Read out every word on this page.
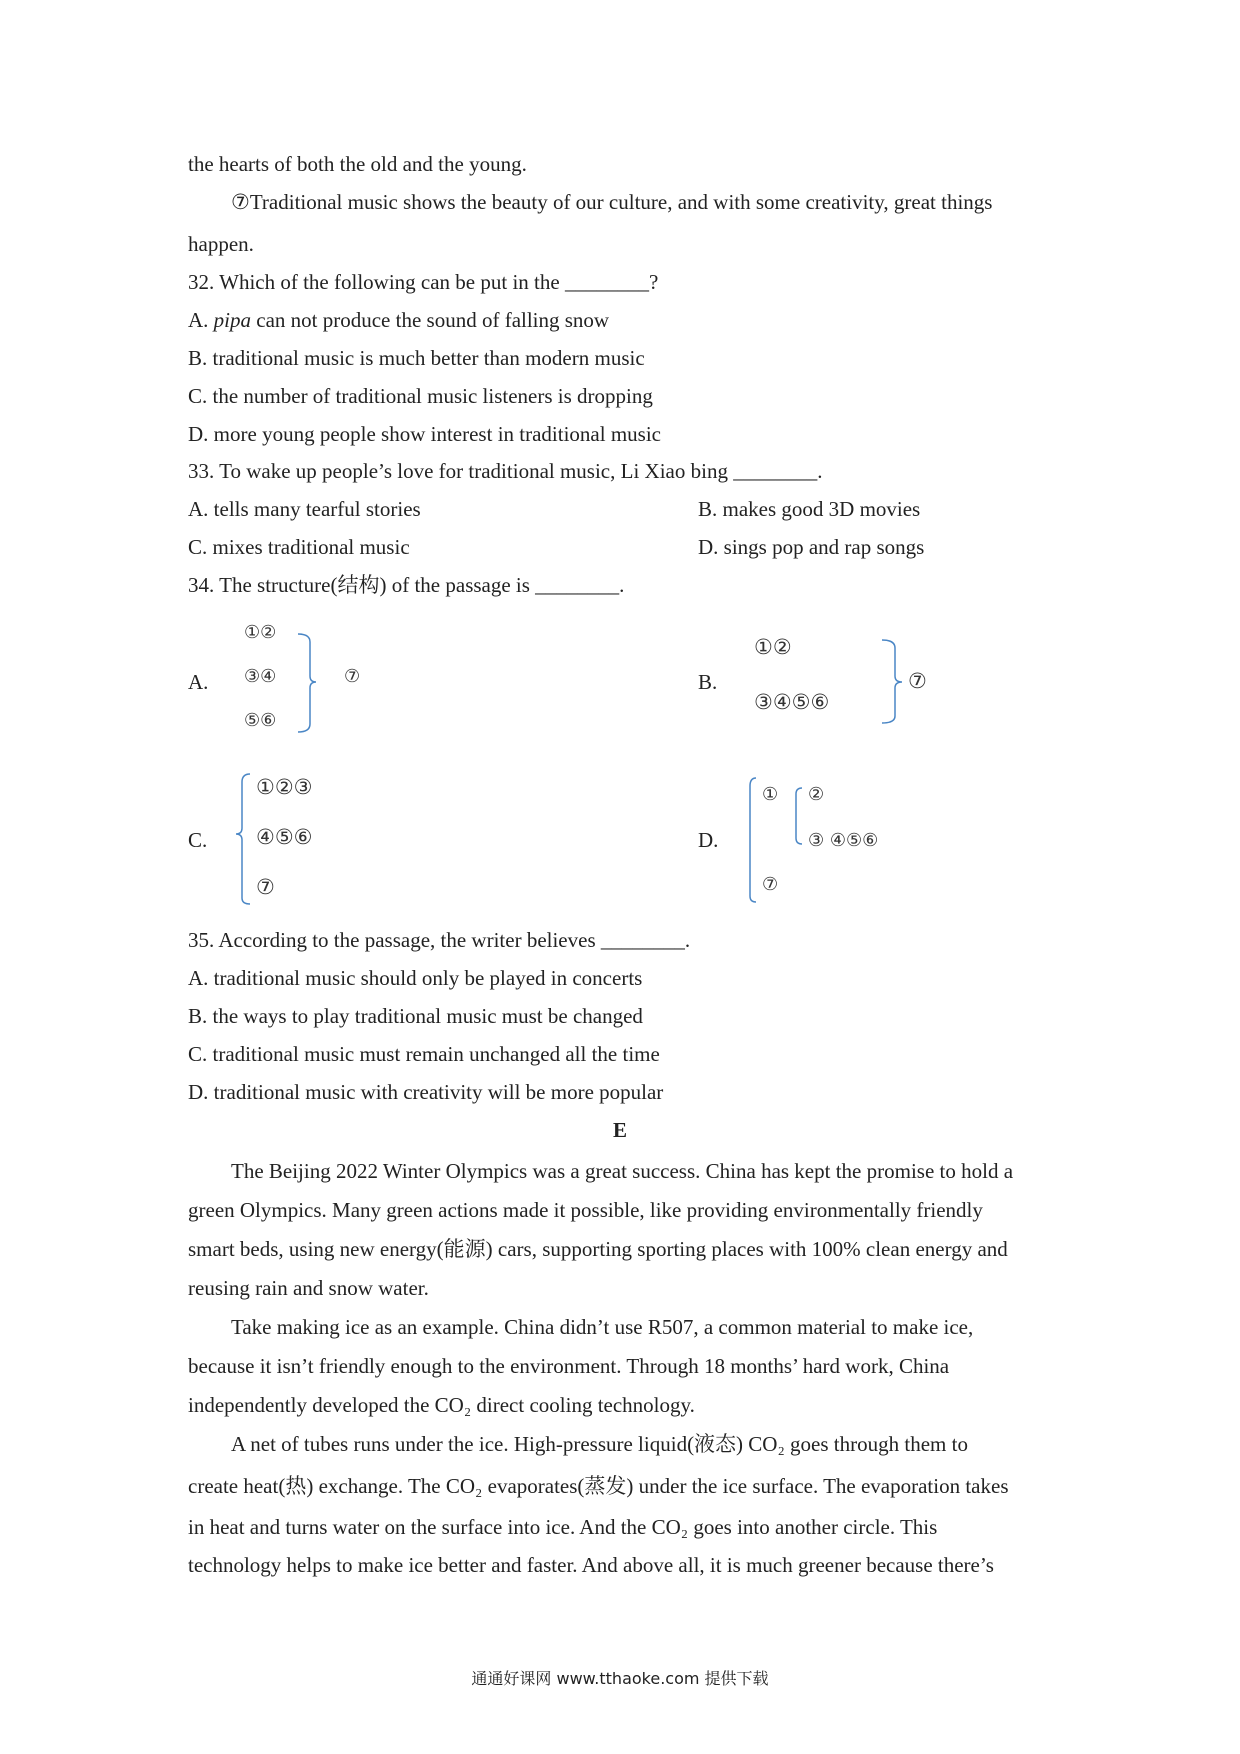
the hearts of both the old and the young.
⑦Traditional music shows the beauty of our culture, and with some creativity, great things
happen.
32. Which of the following can be put in the ________?
A. pipa can not produce the sound of falling snow
B. traditional music is much better than modern music
C. the number of traditional music listeners is dropping
D. more young people show interest in traditional music
33. To wake up people’s love for traditional music, Li Xiao bing ________.
A. tells many tearful stories	B. makes good 3D movies
C. mixes traditional music	D. sings pop and rap songs
34. The structure(结构) of the passage is ________.
A.
①②
③④
⑤⑥
⑦	B.
①②
③④⑤⑥
⑦
C.
①②③
④⑤⑥
⑦
D.
① ②
③ ④⑤⑥
⑦
35. According to the passage, the writer believes ________.
A. traditional music should only be played in concerts
B. the ways to play traditional music must be changed
C. traditional music must remain unchanged all the time
D. traditional music with creativity will be more popular
E
The Beijing 2022 Winter Olympics was a great success. China has kept the promise to hold a
green Olympics. Many green actions made it possible, like providing environmentally friendly
smart beds, using new energy(能源) cars, supporting sporting places with 100% clean energy and
reusing rain and snow water.
Take making ice as an example. China didn’t use R507, a common material to make ice,
because it isn’t friendly enough to the environment. Through 18 months’ hard work, China
independently developed the CO₂ direct cooling technology.
A net of tubes runs under the ice. High-pressure liquid(液态) CO₂ goes through them to
create heat(热) exchange. The CO₂ evaporates(蒸发) under the ice surface. The evaporation takes
in heat and turns water on the surface into ice. And the CO₂ goes into another circle. This
technology helps to make ice better and faster. And above all, it is much greener because there’s
通通好课网 www.tthaoke.com 提供下载
